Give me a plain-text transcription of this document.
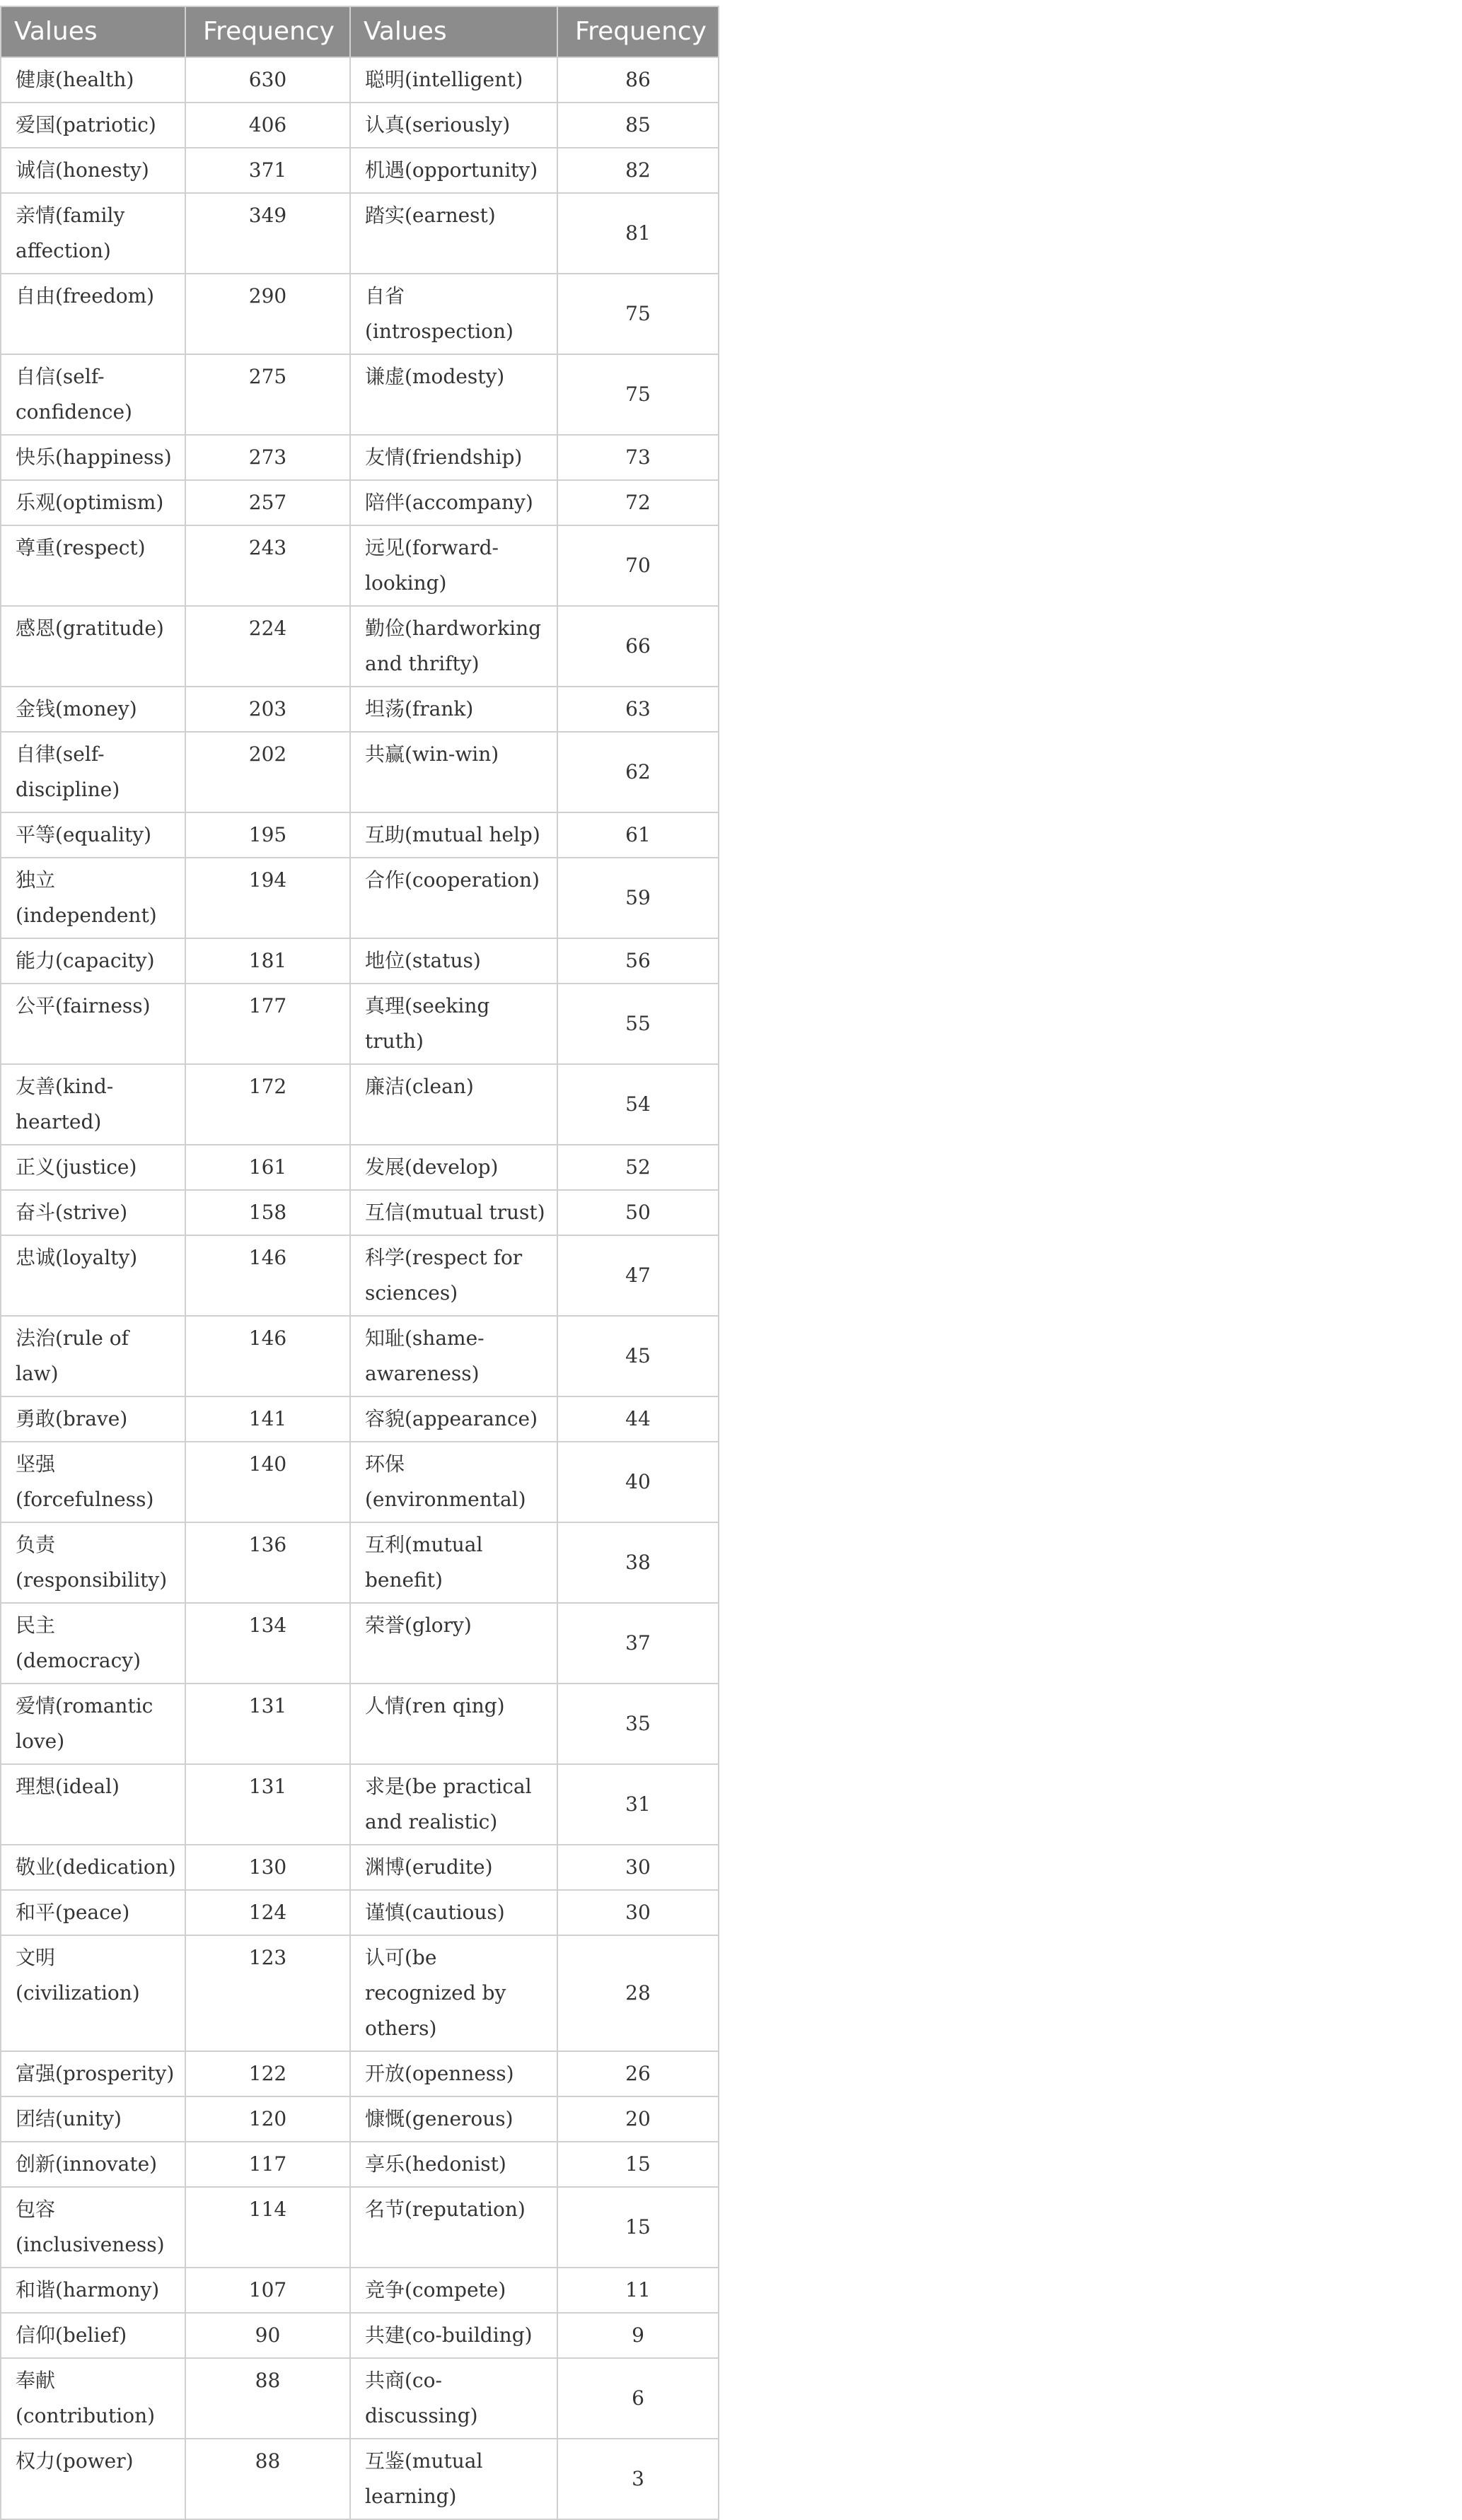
Values	Frequency	Values	Frequency
健康(health)	630	聪明(intelligent)	86
爱国(patriotic)	406	认真(seriously)	85
诚信(honesty)	371	机遇(opportunity)	82
亲情(family affection)	349	踏实(earnest)	81
自由(freedom)	290	自省(introspection)	75
自信(self-confidence)	275	谦虚(modesty)	75
快乐(happiness)	273	友情(friendship)	73
乐观(optimism)	257	陪伴(accompany)	72
尊重(respect)	243	远见(forward-looking)	70
感恩(gratitude)	224	勤俭(hardworking and thrifty)	66
金钱(money)	203	坦荡(frank)	63
自律(self-discipline)	202	共赢(win-win)	62
平等(equality)	195	互助(mutual help)	61
独立(independent)	194	合作(cooperation)	59
能力(capacity)	181	地位(status)	56
公平(fairness)	177	真理(seeking truth)	55
友善(kind-hearted)	172	廉洁(clean)	54
正义(justice)	161	发展(develop)	52
奋斗(strive)	158	互信(mutual trust)	50
忠诚(loyalty)	146	科学(respect for sciences)	47
法治(rule of law)	146	知耻(shame-awareness)	45
勇敢(brave)	141	容貌(appearance)	44
坚强(forcefulness)	140	环保(environmental)	40
负责(responsibility)	136	互利(mutual benefit)	38
民主(democracy)	134	荣誉(glory)	37
爱情(romantic love)	131	人情(ren qing)	35
理想(ideal)	131	求是(be practical and realistic)	31
敬业(dedication)	130	渊博(erudite)	30
和平(peace)	124	谨慎(cautious)	30
文明(civilization)	123	认可(be recognized by others)	28
富强(prosperity)	122	开放(openness)	26
团结(unity)	120	慷慨(generous)	20
创新(innovate)	117	享乐(hedonist)	15
包容(inclusiveness)	114	名节(reputation)	15
和谐(harmony)	107	竞争(compete)	11
信仰(belief)	90	共建(co-building)	9
奉献(contribution)	88	共商(co-discussing)	6
权力(power)	88	互鉴(mutual learning)	3
